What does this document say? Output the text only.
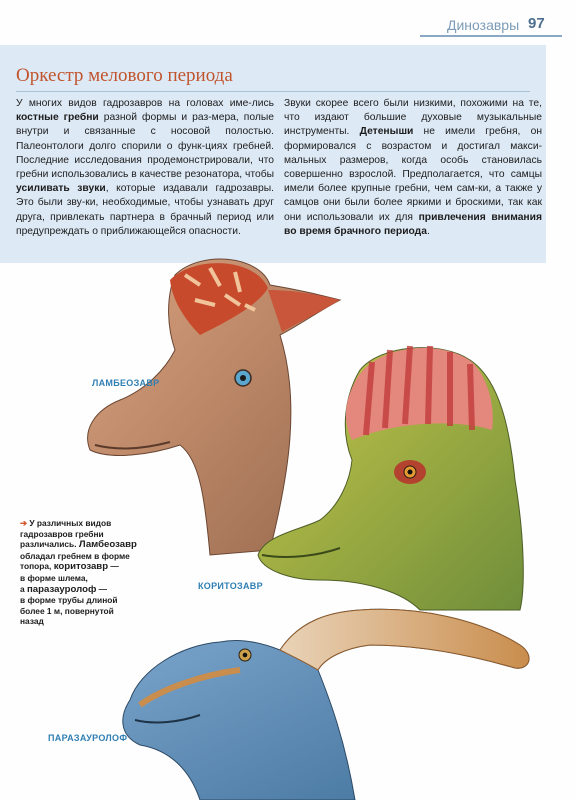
Динозавры 97
Оркестр мелового периода
У многих видов гадрозавров на головах име-лись костные гребни разной формы и раз-мера, полые внутри и связанные с носовой полостью. Палеонтологи долго спорили о функ-циях гребней. Последние исследования продемонстрировали, что гребни использовались в качестве резонатора, чтобы усиливать звуки, которые издавали гадрозавры. Это были зву-ки, необходимые, чтобы узнавать друг друга, привлекать партнера в брачный период или предупреждать о приближающейся опасности.
Звуки скорее всего были низкими, похожими на те, что издают большие духовые музыкальные инструменты. Детеныши не имели гребня, он формировался с возрастом и достигал макси-мальных размеров, когда особь становилась совершенно взрослой. Предполагается, что самцы имели более крупные гребни, чем сам-ки, а также у самцов они были более яркими и броскими, так как они использовали их для привлечения внимания во время брачного периода.
ЛАМБЕОЗАВР
КОРИТОЗАВР
ПАРАЗАУРОЛОФ
➔ У различных видов
гадрозавров гребни
различались. Ламбеозавр
обладал гребнем в форме
топора, коритозавр —
в форме шлема,
а паразауролоф —
в форме трубы длиной
более 1 м, повернутой
назад
